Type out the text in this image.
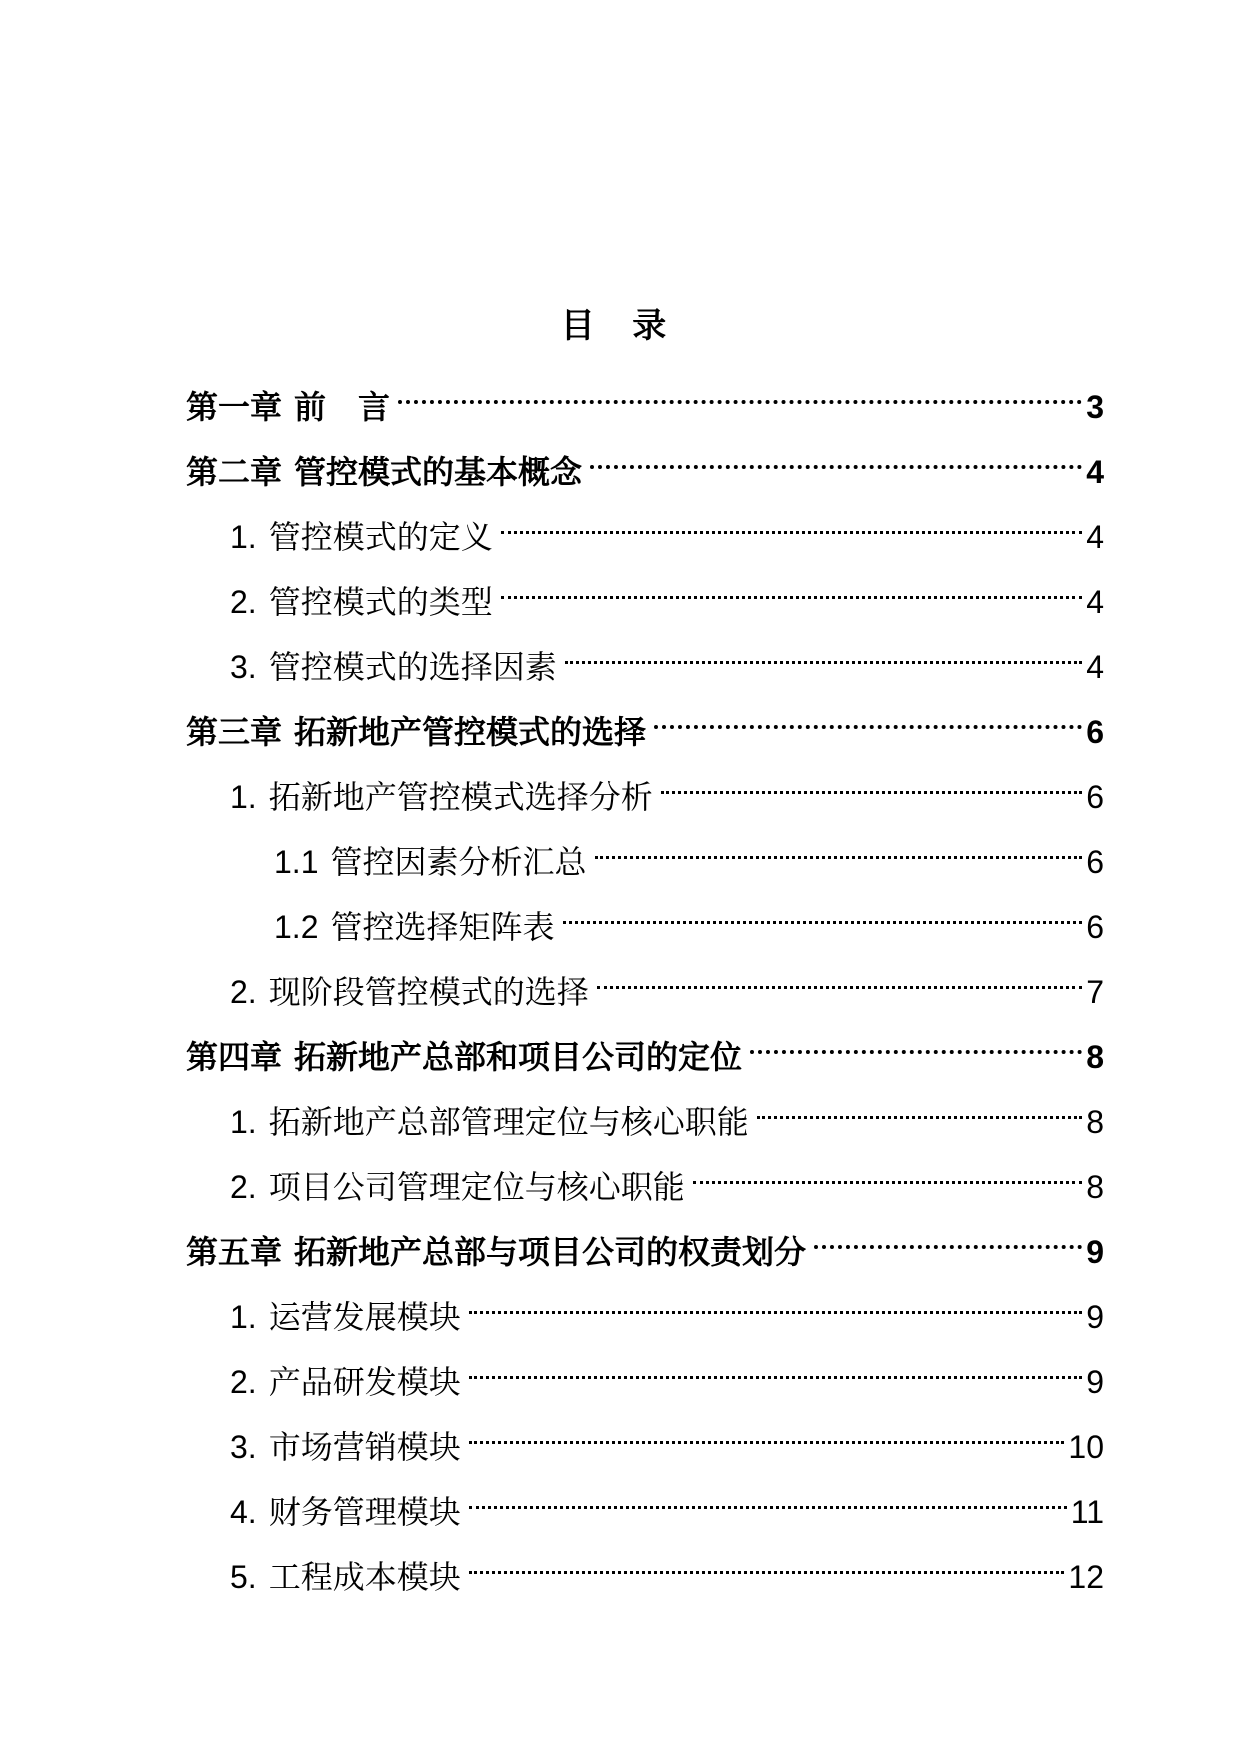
目 录
第一章 前　言	3
第二章 管控模式的基本概念	4
1. 管控模式的定义	4
2. 管控模式的类型	4
3. 管控模式的选择因素	4
第三章 拓新地产管控模式的选择	6
1. 拓新地产管控模式选择分析	6
1.1 管控因素分析汇总	6
1.2 管控选择矩阵表	6
2. 现阶段管控模式的选择	7
第四章 拓新地产总部和项目公司的定位	8
1. 拓新地产总部管理定位与核心职能	8
2. 项目公司管理定位与核心职能	8
第五章 拓新地产总部与项目公司的权责划分	9
1. 运营发展模块	9
2. 产品研发模块	9
3. 市场营销模块	10
4. 财务管理模块	11
5. 工程成本模块	12
